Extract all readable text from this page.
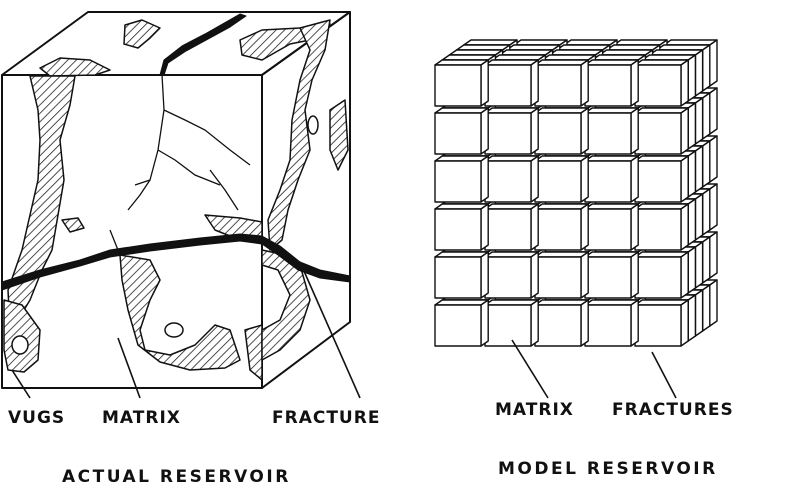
VUGS MATRIX	FRACTURE
ACTUAL RESERVOIR
MATRIX FRACTURES
MODEL RESERVOIR
